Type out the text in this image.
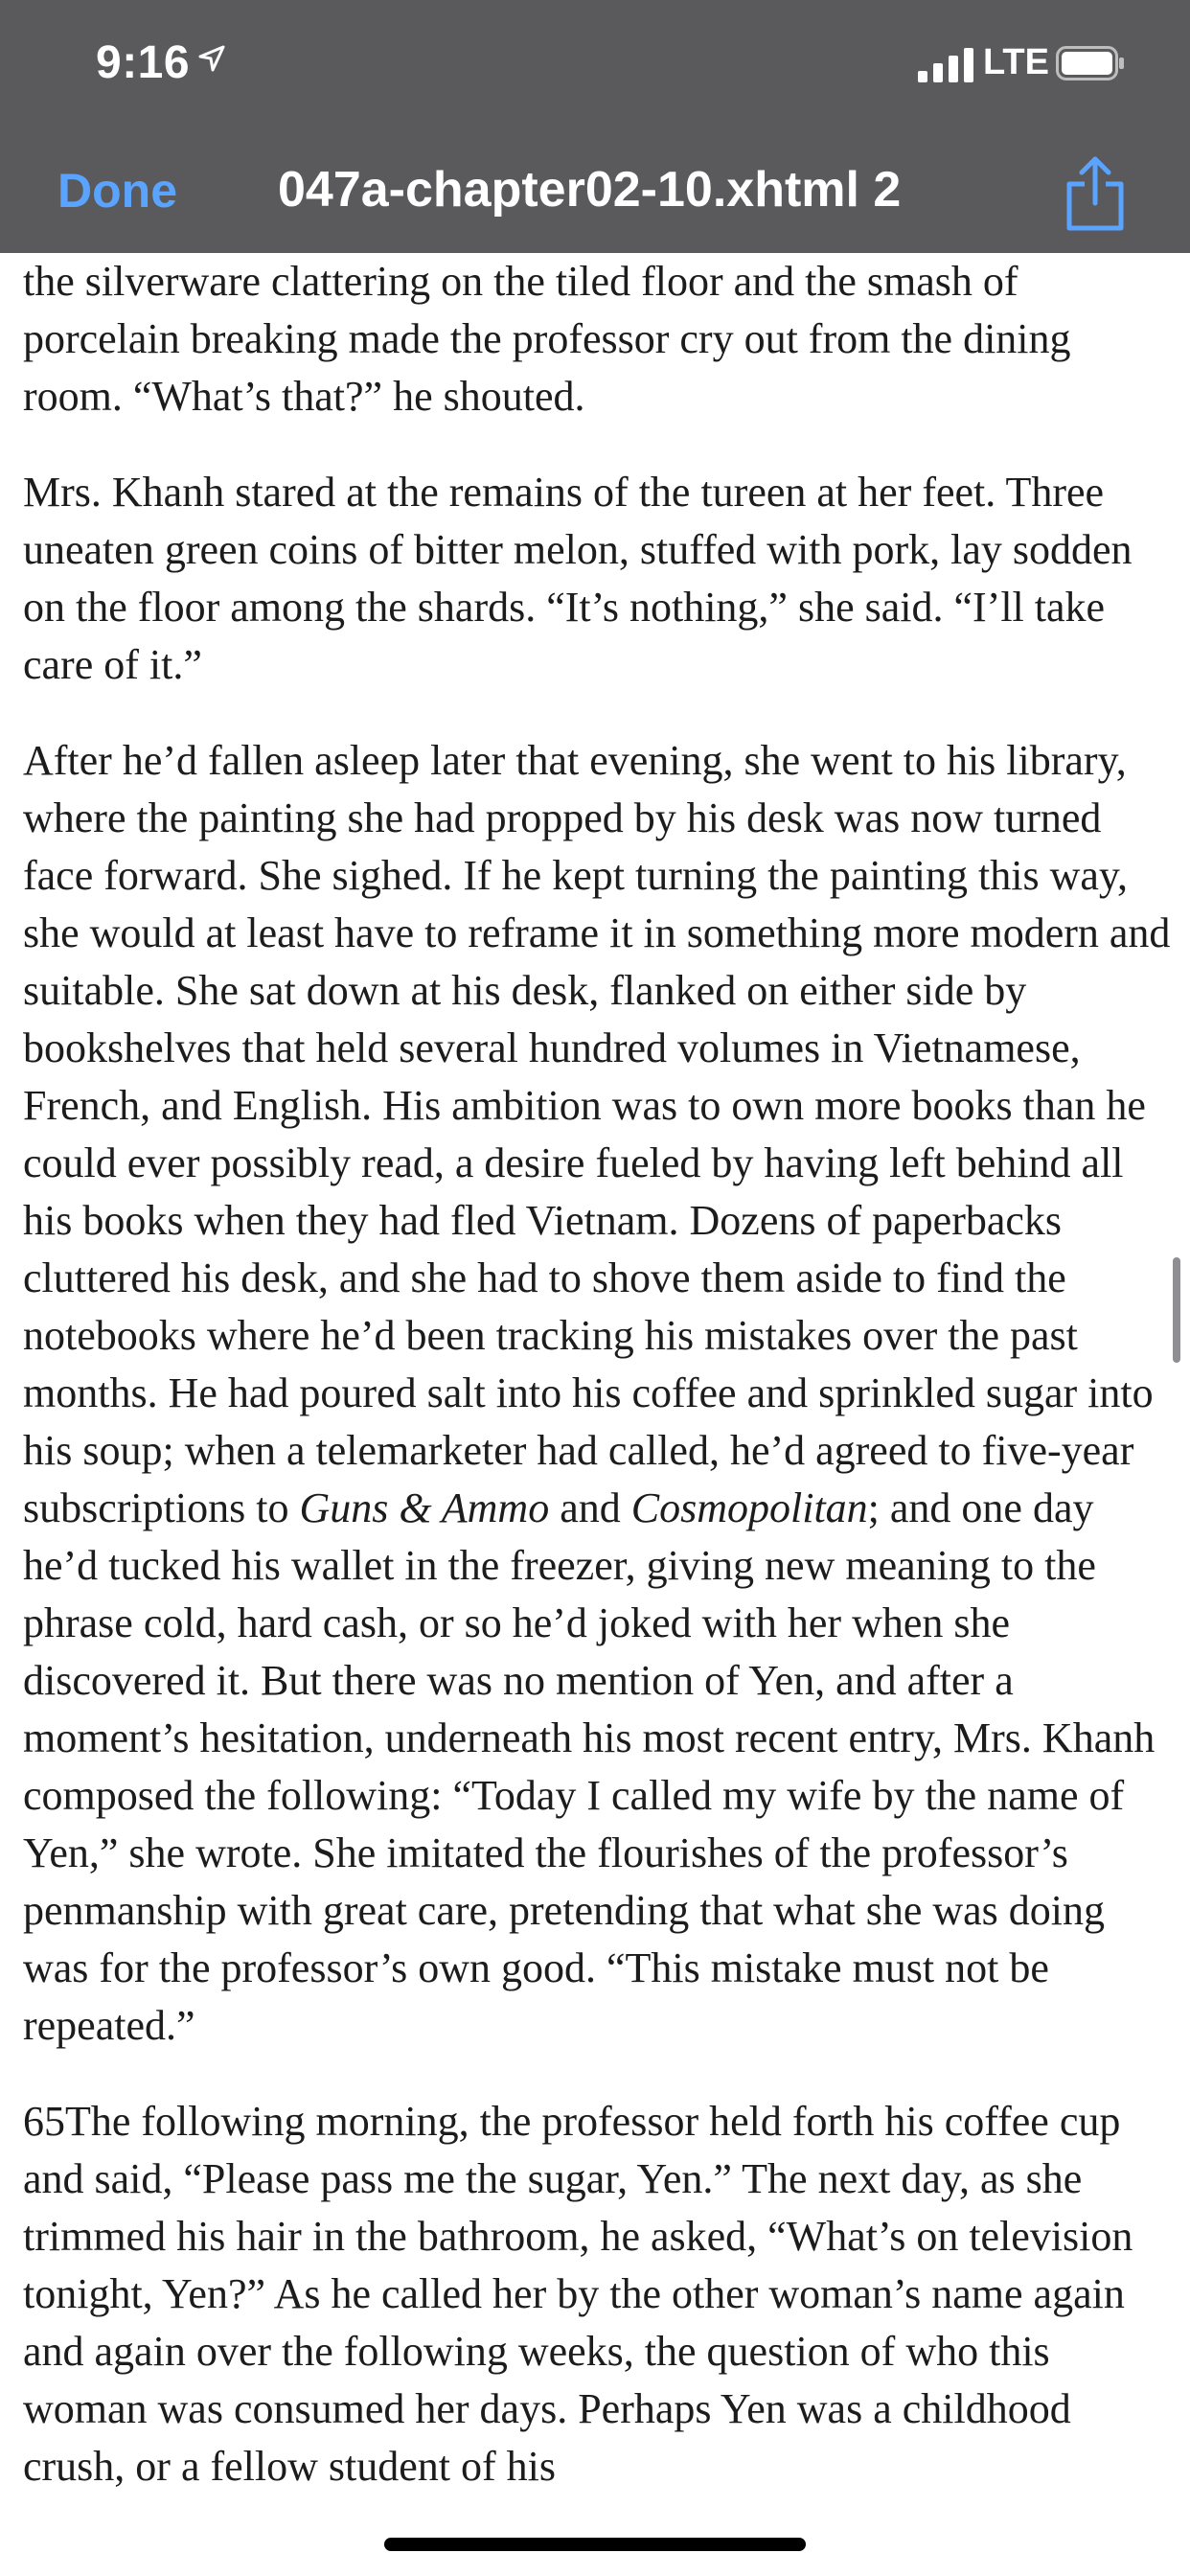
9:16	LTE
Done 047a-chapter02-10.xhtml 2

the silverware clattering on the tiled floor and the smash of porcelain breaking made the professor cry out from the dining room. “What’s that?” he shouted.

Mrs. Khanh stared at the remains of the tureen at her feet. Three uneaten green coins of bitter melon, stuffed with pork, lay sodden on the floor among the shards. “It’s nothing,” she said. “I’ll take care of it.”

After he’d fallen asleep later that evening, she went to his library, where the painting she had propped by his desk was now turned face forward. She sighed. If he kept turning the painting this way, she would at least have to reframe it in something more modern and suitable. She sat down at his desk, flanked on either side by bookshelves that held several hundred volumes in Vietnamese, French, and English. His ambition was to own more books than he could ever possibly read, a desire fueled by having left behind all his books when they had fled Vietnam. Dozens of paperbacks cluttered his desk, and she had to shove them aside to find the notebooks where he’d been tracking his mistakes over the past months. He had poured salt into his coffee and sprinkled sugar into his soup; when a telemarketer had called, he’d agreed to five-year subscriptions to Guns & Ammo and Cosmopolitan; and one day he’d tucked his wallet in the freezer, giving new meaning to the phrase cold, hard cash, or so he’d joked with her when she discovered it. But there was no mention of Yen, and after a moment’s hesitation, underneath his most recent entry, Mrs. Khanh composed the following: “Today I called my wife by the name of Yen,” she wrote. She imitated the flourishes of the professor’s penmanship with great care, pretending that what she was doing was for the professor’s own good. “This mistake must not be repeated.”

65The following morning, the professor held forth his coffee cup and said, “Please pass me the sugar, Yen.” The next day, as she trimmed his hair in the bathroom, he asked, “What’s on television tonight, Yen?” As he called her by the other woman’s name again and again over the following weeks, the question of who this woman was consumed her days. Perhaps Yen was a childhood crush, or a fellow student of his
